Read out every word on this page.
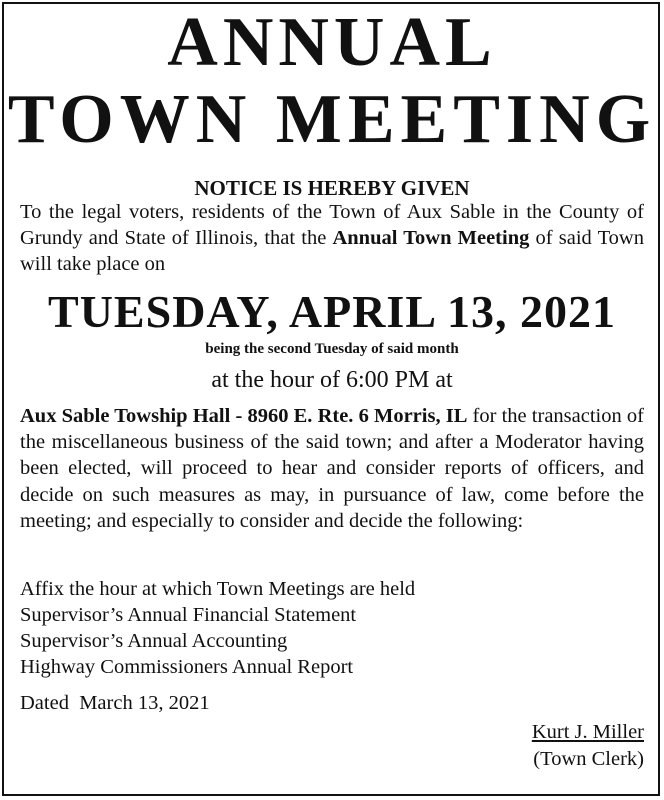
ANNUAL
TOWN MEETING
NOTICE IS HEREBY GIVEN
To the legal voters, residents of the Town of Aux Sable in the County of Grundy and State of Illinois, that the Annual Town Meeting of said Town will take place on
TUESDAY, APRIL 13, 2021
being the second Tuesday of said month
at the hour of 6:00 PM at
Aux Sable Towship Hall - 8960 E. Rte. 6 Morris, IL for the transaction of the miscellaneous business of the said town; and after a Moderator having been elected, will proceed to hear and consider reports of officers, and decide on such measures as may, in pursuance of law, come before the meeting; and especially to consider and decide the following:
Affix the hour at which Town Meetings are held
Supervisor’s Annual Financial Statement
Supervisor’s Annual Accounting
Highway Commissioners Annual Report
Dated  March 13, 2021
Kurt J. Miller
(Town Clerk)
